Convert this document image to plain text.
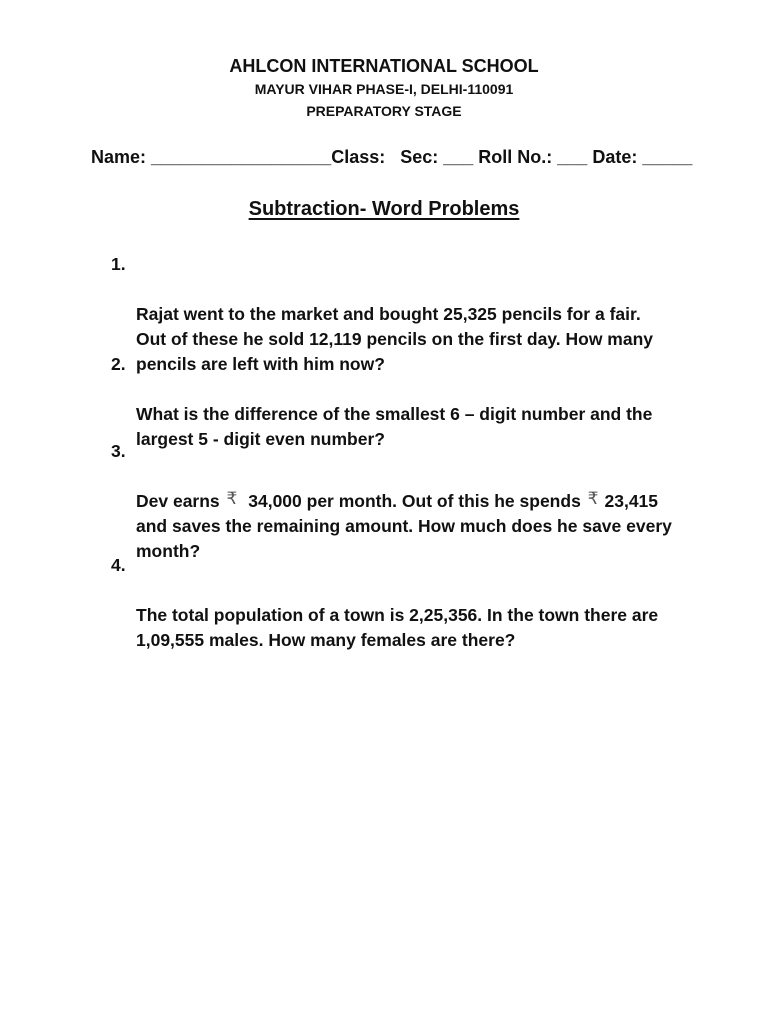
AHLCON INTERNATIONAL SCHOOL
MAYUR VIHAR PHASE-I, DELHI-110091
PREPARATORY STAGE
Name: __________________Class:   Sec: ___ Roll No.: ___ Date: _____
Subtraction- Word Problems

1.

Rajat went to the market and bought 25,325 pencils for a fair.
Out of these he sold 12,119 pencils on the first day. How many
pencils are left with him now?

2.

What is the difference of the smallest 6 – digit number and the
largest 5 - digit even number?

3.

Dev earns ₹ 34,000 per month. Out of this he spends ₹ 23,415
and saves the remaining amount. How much does he save every
month?

4.

The total population of a town is 2,25,356. In the town there are
1,09,555 males. How many females are there?
